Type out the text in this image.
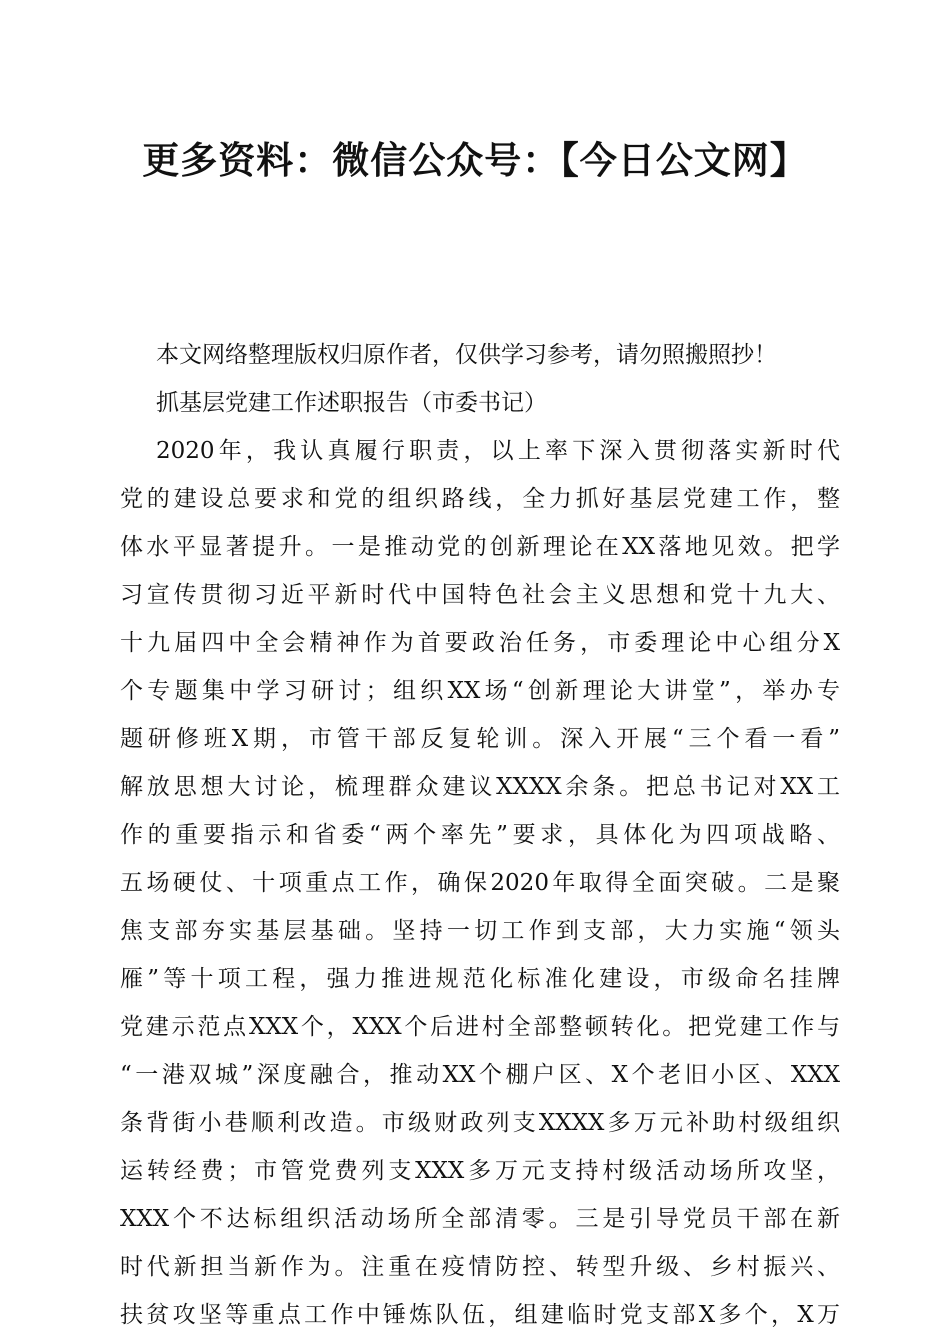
更多资料：微信公众号：【今日公文网】

本文网络整理版权归原作者，仅供学习参考，请勿照搬照抄！

抓基层党建工作述职报告（市委书记）

2020年，我认真履行职责，以上率下深入贯彻落实新时代

党的建设总要求和党的组织路线，全力抓好基层党建工作，整

体水平显著提升。一是推动党的创新理论在XX落地见效。把学

习宣传贯彻习近平新时代中国特色社会主义思想和党十九大、

十九届四中全会精神作为首要政治任务，市委理论中心组分X

个专题集中学习研讨；组织XX场“创新理论大讲堂”，举办专

题研修班X期，市管干部反复轮训。深入开展“三个看一看”

解放思想大讨论，梳理群众建议XXXX余条。把总书记对XX工

作的重要指示和省委“两个率先”要求，具体化为四项战略、

五场硬仗、十项重点工作，确保2020年取得全面突破。二是聚

焦支部夯实基层基础。坚持一切工作到支部，大力实施“领头

雁”等十项工程，强力推进规范化标准化建设，市级命名挂牌

党建示范点XXX个，XXX个后进村全部整顿转化。把党建工作与

“一港双城”深度融合，推动XX个棚户区、X个老旧小区、XXX

条背街小巷顺利改造。市级财政列支XXXX多万元补助村级组织

运转经费；市管党费列支XXX多万元支持村级活动场所攻坚，

XXX个不达标组织活动场所全部清零。三是引导党员干部在新

时代新担当新作为。注重在疫情防控、转型升级、乡村振兴、

扶贫攻坚等重点工作中锤炼队伍，组建临时党支部X多个，X万
